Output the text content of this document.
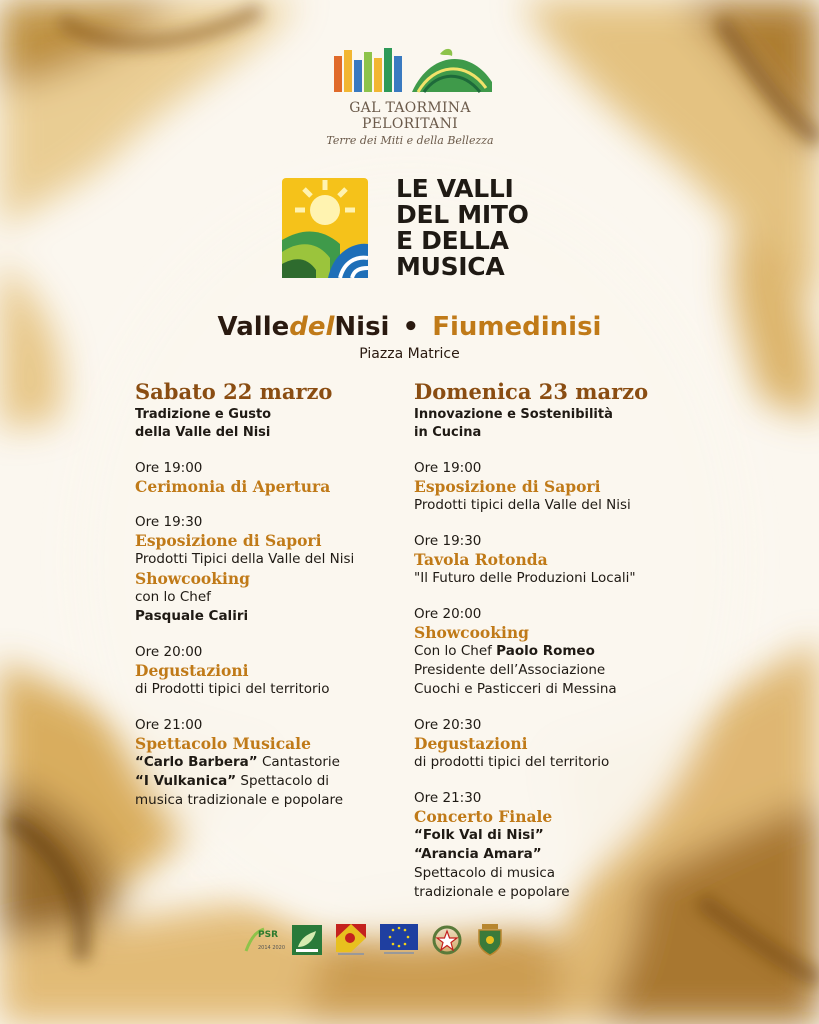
GAL TAORMINA PELORITANI
Terre dei Miti e della Bellezza
LE VALLI
DEL MITO
E DELLA
MUSICA
ValledelNisi • Fiumedinisi
Piazza Matrice
Sabato 22 marzo
Tradizione e Gusto
della Valle del Nisi
Ore 19:00
Cerimonia di Apertura
Ore 19:30
Esposizione di Sapori
Prodotti Tipici della Valle del Nisi
Showcooking
con lo Chef
Pasquale Caliri
Ore 20:00
Degustazioni
di Prodotti tipici del territorio
Ore 21:00
Spettacolo Musicale
“Carlo Barbera” Cantastorie
“I Vulkanica” Spettacolo di
musica tradizionale e popolare
Domenica 23 marzo
Innovazione e Sostenibilità
in Cucina
Ore 19:00
Esposizione di Sapori
Prodotti tipici della Valle del Nisi
Ore 19:30
Tavola Rotonda
"Il Futuro delle Produzioni Locali"
Ore 20:00
Showcooking
Con lo Chef Paolo Romeo
Presidente dell’Associazione
Cuochi e Pasticceri di Messina
Ore 20:30
Degustazioni
di prodotti tipici del territorio
Ore 21:30
Concerto Finale
“Folk Val di Nisi”
“Arancia Amara”
Spettacolo di musica
tradizionale e popolare
PSR
2014 2020
